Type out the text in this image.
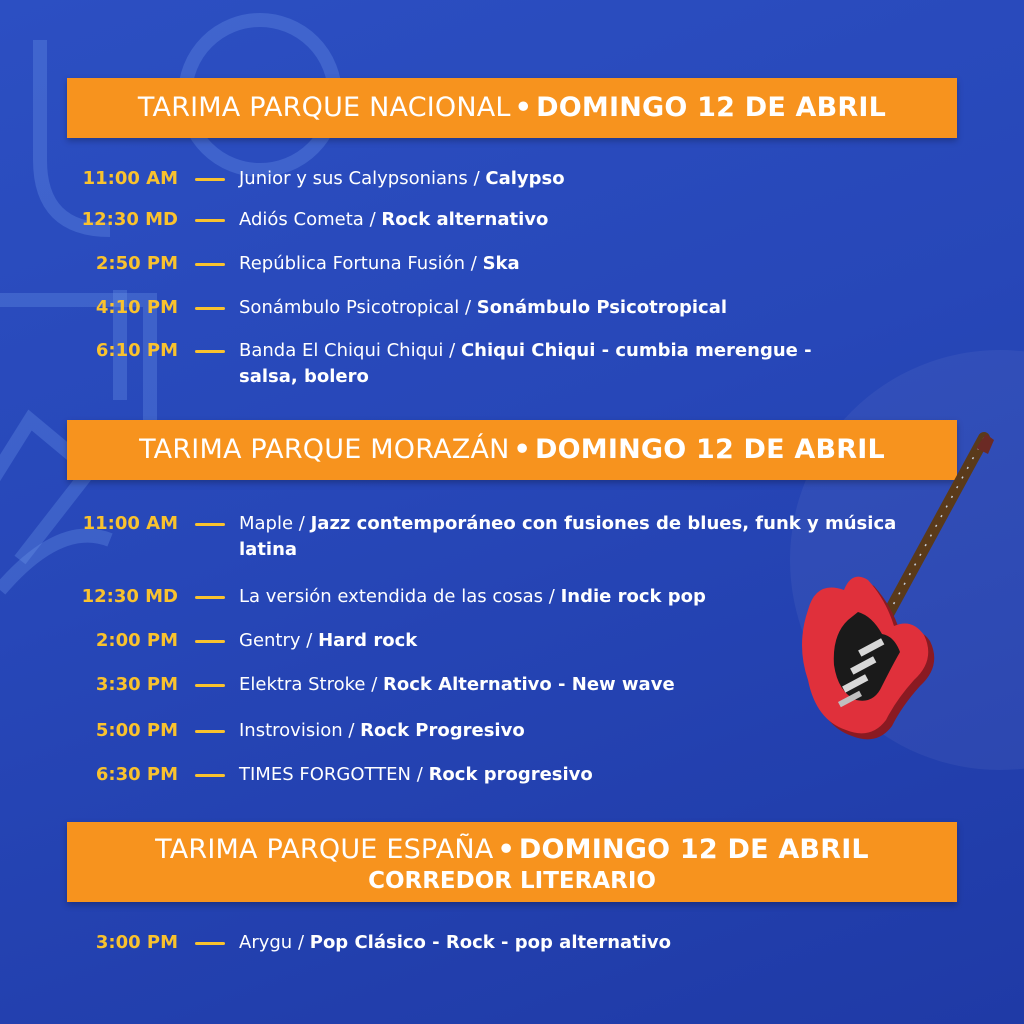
TARIMA PARQUE NACIONAL • DOMINGO 12 DE ABRIL
11:00 AM	Junior y sus Calypsonians / Calypso
12:30 MD	Adiós Cometa / Rock alternativo
2:50 PM	República Fortuna Fusión / Ska
4:10 PM	Sonámbulo Psicotropical / Sonámbulo Psicotropical
6:10 PM	Banda El Chiqui Chiqui / Chiqui Chiqui - cumbia merengue - salsa, bolero
TARIMA PARQUE MORAZÁN • DOMINGO 12 DE ABRIL
11:00 AM	Maple / Jazz contemporáneo con fusiones de blues, funk y música latina
12:30 MD	La versión extendida de las cosas / Indie rock pop
2:00 PM	Gentry / Hard rock
3:30 PM	Elektra Stroke / Rock Alternativo - New wave
5:00 PM	Instrovision / Rock Progresivo
6:30 PM	TIMES FORGOTTEN / Rock progresivo
TARIMA PARQUE ESPAÑA • DOMINGO 12 DE ABRIL
CORREDOR LITERARIO
3:00 PM	Arygu / Pop Clásico - Rock - pop alternativo
